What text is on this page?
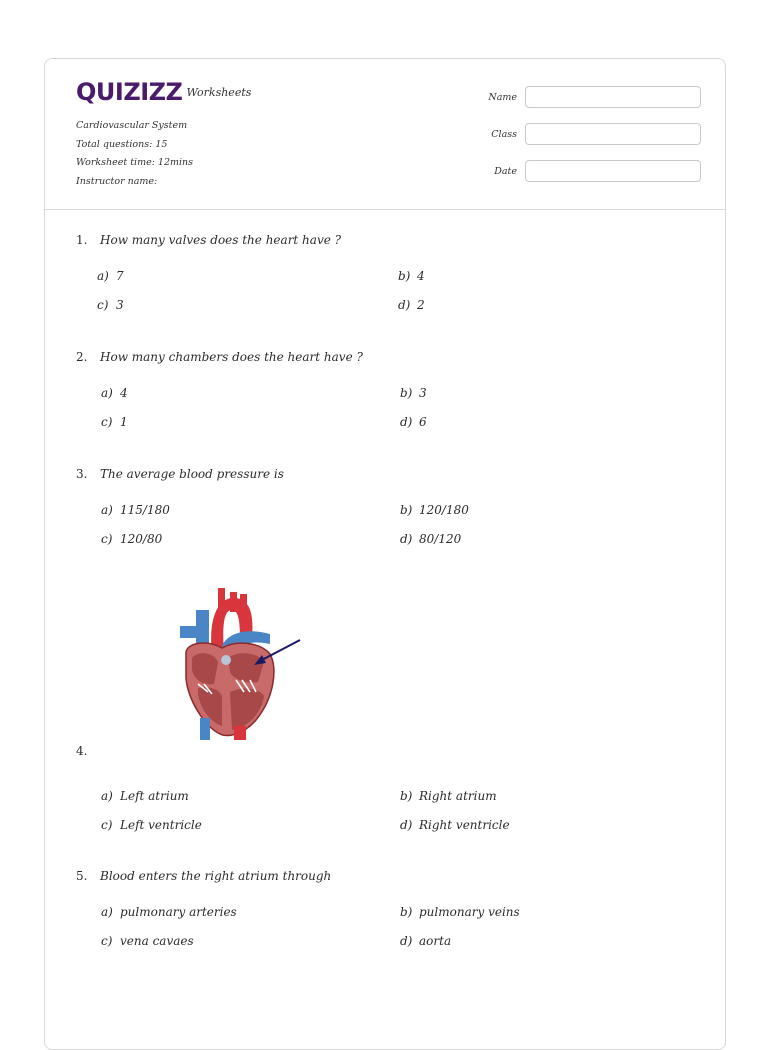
QUIZIZZ Worksheets
Cardiovascular System
Total questions: 15
Worksheet time: 12mins
Instructor name:
Name
Class
Date
1. How many valves does the heart have ?
a) 7	b) 4
c) 3	d) 2
2. How many chambers does the heart have ?
a) 4	b) 3
c) 1	d) 6
3. The average blood pressure is
a) 115/180	b) 120/180
c) 120/80	d) 80/120
4.
a) Left atrium	b) Right atrium
c) Left ventricle	d) Right ventricle
5. Blood enters the right atrium through
a) pulmonary arteries	b) pulmonary veins
c) vena cavaes	d) aorta
